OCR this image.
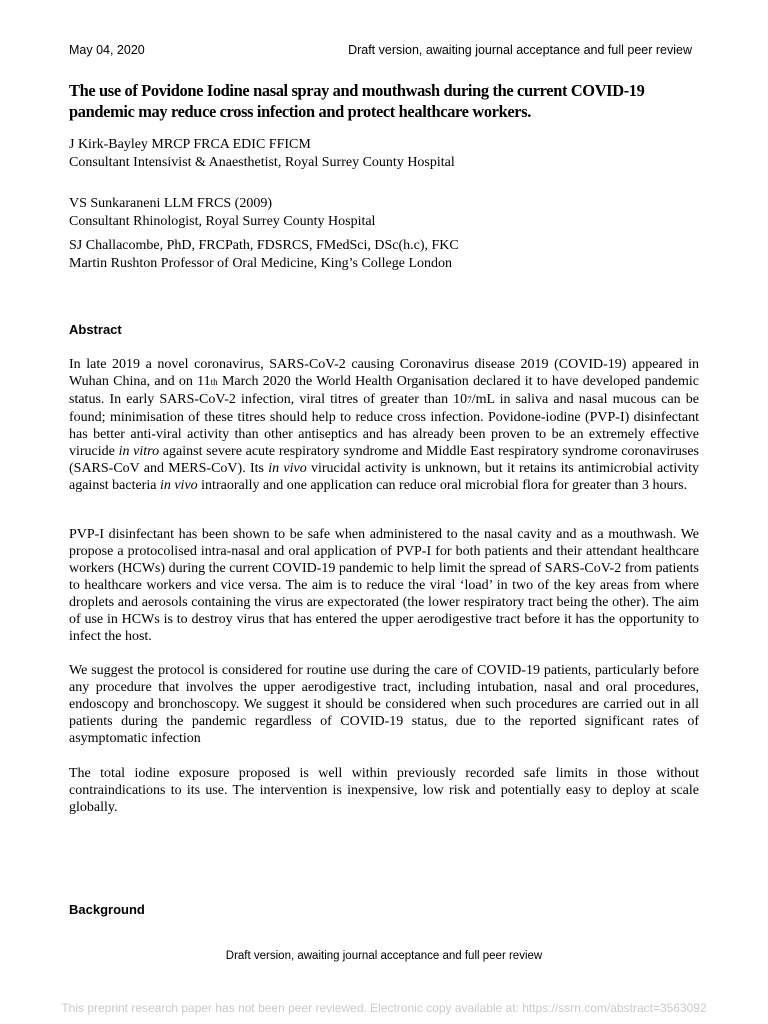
May 04, 2020	Draft version, awaiting journal acceptance and full peer review
The use of Povidone Iodine nasal spray and mouthwash during the current COVID-19 pandemic may reduce cross infection and protect healthcare workers.
J Kirk-Bayley MRCP FRCA EDIC FFICM
Consultant Intensivist & Anaesthetist, Royal Surrey County Hospital
VS Sunkaraneni LLM FRCS (2009)
Consultant Rhinologist, Royal Surrey County Hospital
SJ Challacombe, PhD, FRCPath, FDSRCS, FMedSci, DSc(h.c), FKC
Martin Rushton Professor of Oral Medicine, King’s College London
Abstract

In late 2019 a novel coronavirus, SARS-CoV-2 causing Coronavirus disease 2019 (COVID-19) appeared in Wuhan China, and on 11th March 2020 the World Health Organisation declared it to have developed pandemic status. In early SARS-CoV-2 infection, viral titres of greater than 107/mL in saliva and nasal mucous can be found; minimisation of these titres should help to reduce cross infection. Povidone-iodine (PVP-I) disinfectant has better anti-viral activity than other antiseptics and has already been proven to be an extremely effective virucide in vitro against severe acute respiratory syndrome and Middle East respiratory syndrome coronaviruses (SARS-CoV and MERS-CoV). Its in vivo virucidal activity is unknown, but it retains its antimicrobial activity against bacteria in vivo intraorally and one application can reduce oral microbial flora for greater than 3 hours.

PVP-I disinfectant has been shown to be safe when administered to the nasal cavity and as a mouthwash. We propose a protocolised intra-nasal and oral application of PVP-I for both patients and their attendant healthcare workers (HCWs) during the current COVID-19 pandemic to help limit the spread of SARS-CoV-2 from patients to healthcare workers and vice versa. The aim is to reduce the viral ‘load’ in two of the key areas from where droplets and aerosols containing the virus are expectorated (the lower respiratory tract being the other). The aim of use in HCWs is to destroy virus that has entered the upper aerodigestive tract before it has the opportunity to infect the host.

We suggest the protocol is considered for routine use during the care of COVID-19 patients, particularly before any procedure that involves the upper aerodigestive tract, including intubation, nasal and oral procedures, endoscopy and bronchoscopy. We suggest it should be considered when such procedures are carried out in all patients during the pandemic regardless of COVID-19 status, due to the reported significant rates of asymptomatic infection

The total iodine exposure proposed is well within previously recorded safe limits in those without contraindications to its use. The intervention is inexpensive, low risk and potentially easy to deploy at scale globally.

Background
Draft version, awaiting journal acceptance and full peer review
This preprint research paper has not been peer reviewed. Electronic copy available at: https://ssrn.com/abstract=3563092
